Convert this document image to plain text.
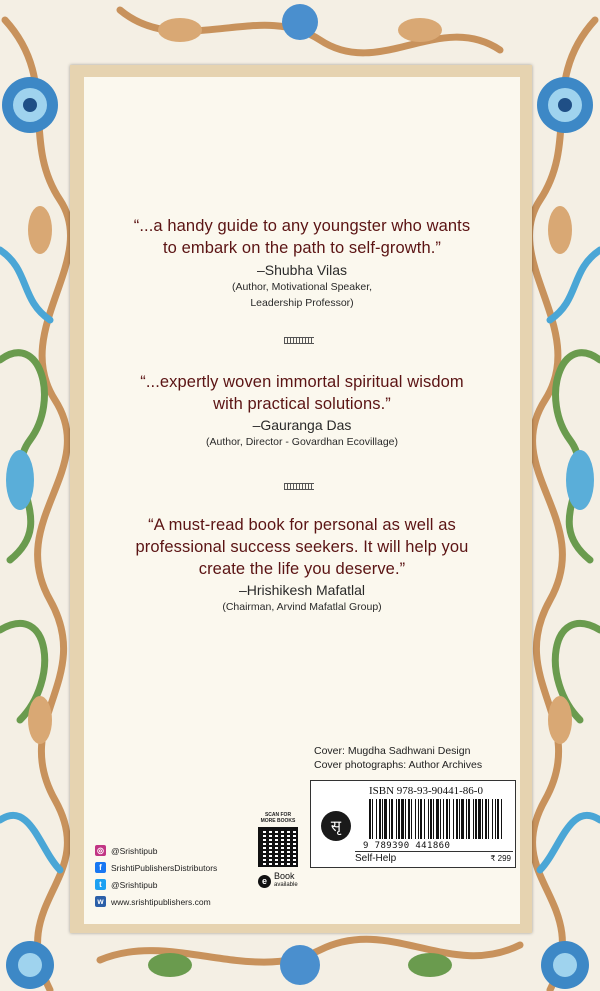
“...a handy guide to any youngster who wants
to embark on the path to self-growth.”
–Shubha Vilas
(Author, Motivational Speaker,
Leadership Professor)
“...expertly woven immortal spiritual wisdom
with practical solutions.”
–Gauranga Das
(Author, Director - Govardhan Ecovillage)
“A must-read book for personal as well as
professional success seekers. It will help you
create the life you deserve.”
–Hrishikesh Mafatlal
(Chairman, Arvind Mafatlal Group)
Cover: Mugdha Sadhwani Design
Cover photographs: Author Archives
◎ @Srishtipub
f	SrishtiPublishersDistributors
t	@Srishtipub
w www.srishtipublishers.com
SCAN FOR
MORE BOOKS
e Book
available
सृ
ISBN 978-93-90441-86-0
9 789390 441860
Self-Help	₹ 299
